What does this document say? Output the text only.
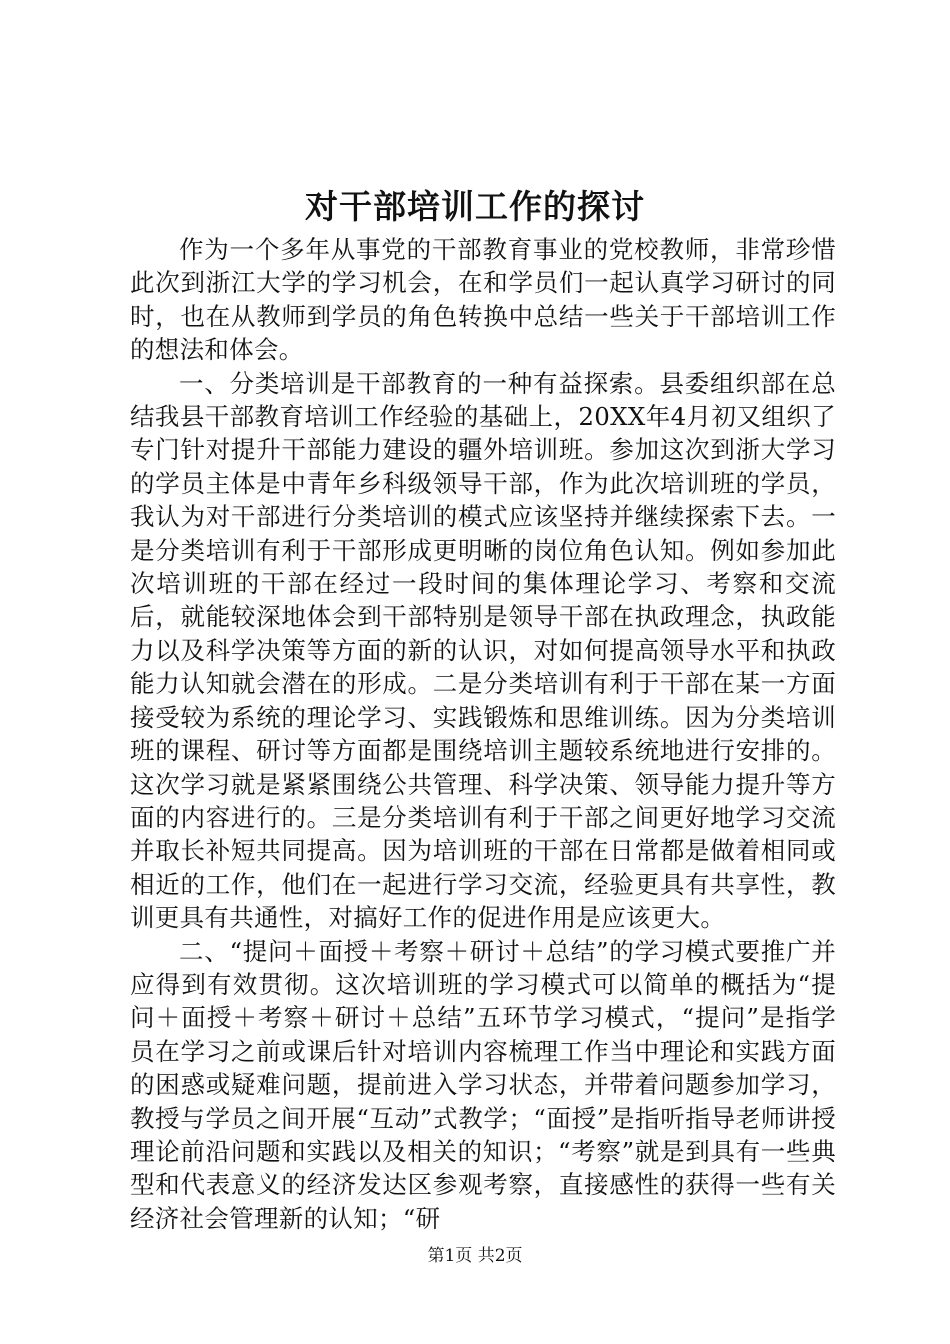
对干部培训工作的探讨

作为一个多年从事党的干部教育事业的党校教师，非常珍惜此次到浙江大学的学习机会，在和学员们一起认真学习研讨的同时，也在从教师到学员的角色转换中总结一些关于干部培训工作的想法和体会。

一、分类培训是干部教育的一种有益探索。县委组织部在总结我县干部教育培训工作经验的基础上，20XX年4月初又组织了专门针对提升干部能力建设的疆外培训班。参加这次到浙大学习的学员主体是中青年乡科级领导干部，作为此次培训班的学员，我认为对干部进行分类培训的模式应该坚持并继续探索下去。一是分类培训有利于干部形成更明晰的岗位角色认知。例如参加此次培训班的干部在经过一段时间的集体理论学习、考察和交流后，就能较深地体会到干部特别是领导干部在执政理念，执政能力以及科学决策等方面的新的认识，对如何提高领导水平和执政能力认知就会潜在的形成。二是分类培训有利于干部在某一方面接受较为系统的理论学习、实践锻炼和思维训练。因为分类培训班的课程、研讨等方面都是围绕培训主题较系统地进行安排的。这次学习就是紧紧围绕公共管理、科学决策、领导能力提升等方面的内容进行的。三是分类培训有利于干部之间更好地学习交流并取长补短共同提高。因为培训班的干部在日常都是做着相同或相近的工作，他们在一起进行学习交流，经验更具有共享性，教训更具有共通性，对搞好工作的促进作用是应该更大。

二、“提问＋面授＋考察＋研讨＋总结”的学习模式要推广并应得到有效贯彻。这次培训班的学习模式可以简单的概括为“提问＋面授＋考察＋研讨＋总结”五环节学习模式，“提问”是指学员在学习之前或课后针对培训内容梳理工作当中理论和实践方面的困惑或疑难问题，提前进入学习状态，并带着问题参加学习，教授与学员之间开展“互动”式教学；“面授”是指听指导老师讲授理论前沿问题和实践以及相关的知识；“考察”就是到具有一些典型和代表意义的经济发达区参观考察，直接感性的获得一些有关经济社会管理新的认知；“研

第1页 共2页
